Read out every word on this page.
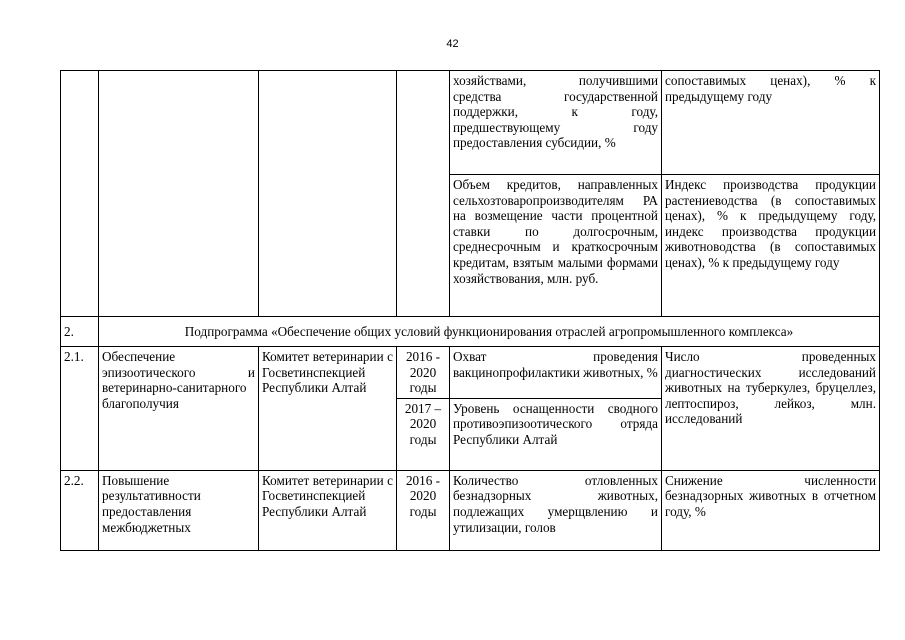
42
				хозяйствами, получившими средства государственной поддержки, к году, предшествующему году предоставления субсидии, %	сопоставимых ценах), % к предыдущему году
				Объем кредитов, направленных сельхозтоваропроизводителям РА на возмещение части процентной ставки по долгосрочным, среднесрочным и краткосрочным кредитам, взятым малыми формами хозяйствования, млн. руб.	Индекс производства продукции растениеводства (в сопоставимых ценах), % к предыдущему году, индекс производства продукции животноводства (в сопоставимых ценах), % к предыдущему году
2.	Подпрограмма «Обеспечение общих условий функционирования отраслей агропромышленного комплекса»				
2.1.	Обеспечение эпизоотического и ветеринарно-санитарного благополучия	Комитет ветеринарии с Госветинспекцией Республики Алтай	2016 - 2020 годы	Охват проведения вакцинопрофилактики животных, %	Число проведенных диагностических исследований животных на туберкулез, бруцеллез, лептоспироз, лейкоз, млн. исследований
			2017 – 2020 годы	Уровень оснащенности сводного противоэпизоотического отряда Республики Алтай	
2.2.	Повышение результативности предоставления межбюджетных	Комитет ветеринарии с Госветинспекцией Республики Алтай	2016 - 2020 годы	Количество отловленных безнадзорных животных, подлежащих умерщвлению и утилизации, голов	Снижение численности безнадзорных животных в отчетном году, %
